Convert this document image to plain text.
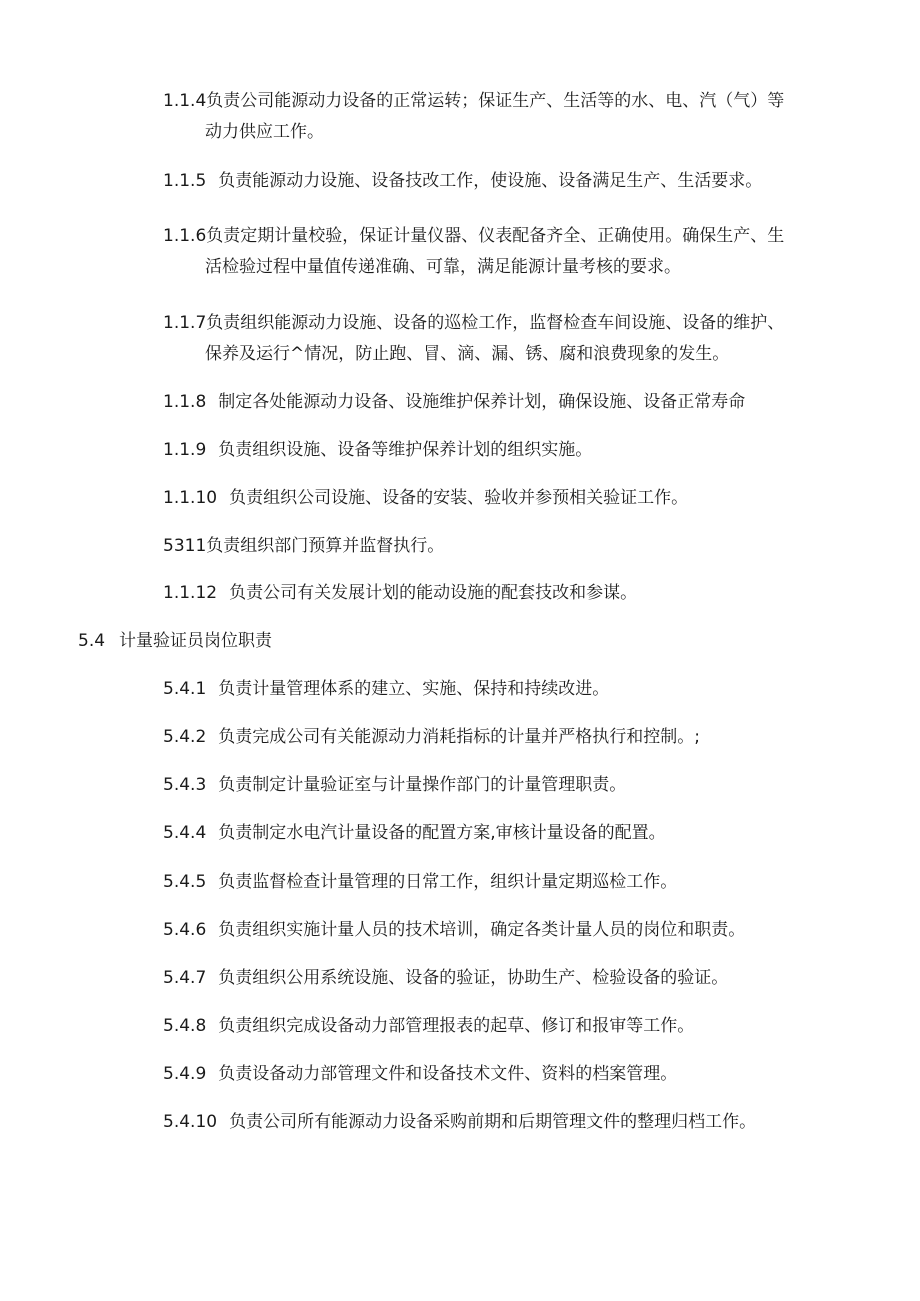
1.1.4负责公司能源动力设备的正常运转；保证生产、生活等的水、电、汽（气）等
动力供应工作。
1.1.5 负责能源动力设施、设备技改工作，使设施、设备满足生产、生活要求。
1.1.6负责定期计量校验，保证计量仪器、仪表配备齐全、正确使用。确保生产、生
活检验过程中量值传递准确、可靠，满足能源计量考核的要求。
1.1.7负责组织能源动力设施、设备的巡检工作，监督检查车间设施、设备的维护、
保养及运行^情况，防止跑、冒、滴、漏、锈、腐和浪费现象的发生。
1.1.8 制定各处能源动力设备、设施维护保养计划，确保设施、设备正常寿命
1.1.9 负责组织设施、设备等维护保养计划的组织实施。
1.1.10 负责组织公司设施、设备的安装、验收并参预相关验证工作。
5311负责组织部门预算并监督执行。
1.1.12 负责公司有关发展计划的能动设施的配套技改和参谋。
5.4 计量验证员岗位职责
5.4.1 负责计量管理体系的建立、实施、保持和持续改进。
5.4.2 负责完成公司有关能源动力消耗指标的计量并严格执行和控制。;
5.4.3 负责制定计量验证室与计量操作部门的计量管理职责。
5.4.4 负责制定水电汽计量设备的配置方案,审核计量设备的配置。
5.4.5 负责监督检查计量管理的日常工作，组织计量定期巡检工作。
5.4.6 负责组织实施计量人员的技术培训，确定各类计量人员的岗位和职责。
5.4.7 负责组织公用系统设施、设备的验证，协助生产、检验设备的验证。
5.4.8 负责组织完成设备动力部管理报表的起草、修订和报审等工作。
5.4.9 负责设备动力部管理文件和设备技术文件、资料的档案管理。
5.4.10 负责公司所有能源动力设备采购前期和后期管理文件的整理归档工作。
